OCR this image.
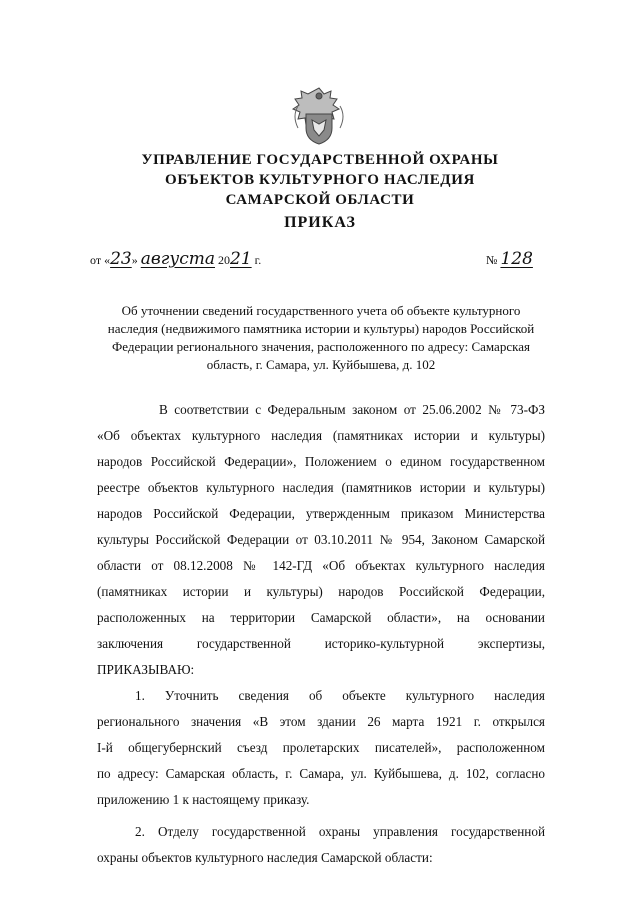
УПРАВЛЕНИЕ ГОСУДАРСТВЕННОЙ ОХРАНЫ
ОБЪЕКТОВ КУЛЬТУРНОГО НАСЛЕДИЯ
САМАРСКОЙ ОБЛАСТИ
ПРИКАЗ
от «23» августа 2021 г.	№ 128
Об уточнении сведений государственного учета об объекте культурного
наследия (недвижимого памятника истории и культуры) народов Российской
Федерации регионального значения, расположенного по адресу: Самарская
область, г. Самара, ул. Куйбышева, д. 102
В соответствии с Федеральным законом от 25.06.2002 № 73-ФЗ
«Об объектах культурного наследия (памятниках истории и культуры)
народов Российской Федерации», Положением о едином государственном
реестре объектов культурного наследия (памятников истории и культуры)
народов Российской Федерации, утвержденным приказом Министерства
культуры Российской Федерации от 03.10.2011 № 954, Законом Самарской
области от 08.12.2008 № 142-ГД «Об объектах культурного наследия
(памятниках истории и культуры) народов Российской Федерации,
расположенных на территории Самарской области», на основании
заключения государственной историко-культурной экспертизы,
ПРИКАЗЫВАЮ:
1. Уточнить сведения об объекте культурного наследия
регионального значения «В этом здании 26 марта 1921 г. открылся
I-й общегубернский съезд пролетарских писателей», расположенном
по адресу: Самарская область, г. Самара, ул. Куйбышева, д. 102, согласно
приложению 1 к настоящему приказу.
2. Отделу государственной охраны управления государственной
охраны объектов культурного наследия Самарской области:
